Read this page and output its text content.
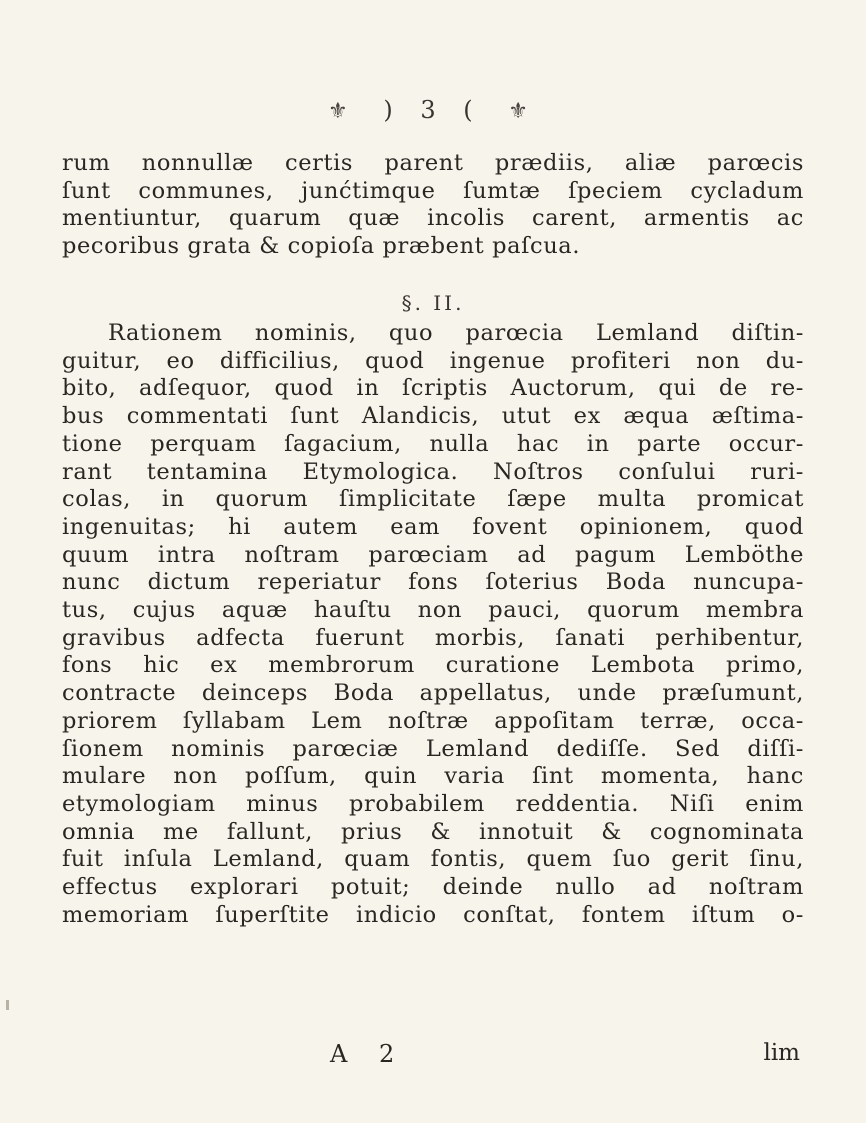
⚜ ) 3 ( ⚜
rum nonnullæ certis parent prædiis, aliæ parœcis
ſunt communes, junćtimque ſumtæ ſpeciem cycladum
mentiuntur, quarum quæ incolis carent, armentis ac
pecoribus grata & copioſa præbent paſcua.
§. II.
Rationem nominis, quo parœcia Lemland diſtin-
guitur, eo difficilius, quod ingenue profiteri non du-
bito, adſequor, quod in ſcriptis Auctorum, qui de re-
bus commentati ſunt Alandicis, utut ex æqua æſtima-
tione perquam ſagacium, nulla hac in parte occur-
rant tentamina Etymologica. Noſtros conſului ruri-
colas, in quorum ſimplicitate ſæpe multa promicat
ingenuitas; hi autem eam fovent opinionem, quod
quum intra noſtram parœciam ad pagum Lemböthe
nunc dictum reperiatur fons ſoterius Boda nuncupa-
tus, cujus aquæ hauſtu non pauci, quorum membra
gravibus adfecta fuerunt morbis, ſanati perhibentur,
fons hic ex membrorum curatione Lembota primo,
contracte deinceps Boda appellatus, unde præſumunt,
priorem ſyllabam Lem noſtræ appoſitam terræ, occa-
ſionem nominis parœciæ Lemland dediſſe. Sed diſſi-
mulare non poſſum, quin varia ſint momenta, hanc
etymologiam minus probabilem reddentia. Niſi enim
omnia me fallunt, prius & innotuit & cognominata
fuit inſula Lemland, quam fontis, quem ſuo gerit ſinu,
effectus explorari potuit; deinde nullo ad noſtram
memoriam ſuperſtite indicio conſtat, fontem iſtum o-
A 2	lim
